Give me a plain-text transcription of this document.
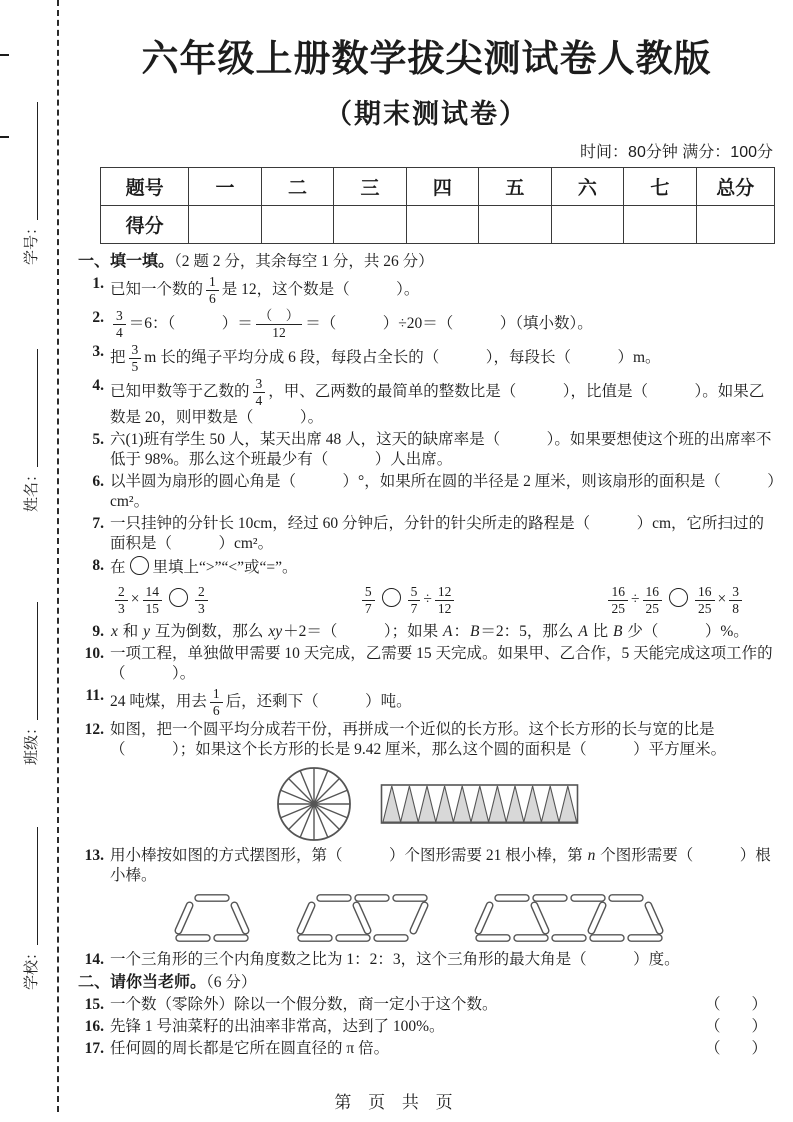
学号：
姓名：
班级：
学校：
六年级上册数学拔尖测试卷人教版
（期末测试卷）
时间：80分钟 满分：100分
题号	一	二	三	四	五	六	七	总分
得分								
一、填一填。（2 题 2 分，其余每空 1 分，共 26 分）
1. 已知一个数的 $\frac{1}{6}$ 是 12，这个数是（　　　）。
2. $\frac{3}{4} =6$：（　　　）＝ $\frac{( )}{12}$ ＝（　　　）÷20＝（　　　）（填小数）。
3. 把 $\frac{3}{5}$ m 长的绳子平均分成 6 段，每段占全长的（　　　），每段长（　　　）m。
4. 已知甲数等于乙数的 $\frac{3}{4}$ ，甲、乙两数的最简单的整数比是（　　　），比值是（　　　）。如果乙数是 20，则甲数是（　　　）。
5. 六(1)班有学生 50 人，某天出席 48 人，这天的缺席率是（　　　）。如果要想使这个班的出席率不低于 98%。那么这个班最少有（　　　）人出席。
6. 以半圆为扇形的圆心角是（　　　）°，如果所在圆的半径是 2 厘米，则该扇形的面积是（　　　）cm²。
7. 一只挂钟的分针长 10cm，经过 60 分钟后，分针的针尖所走的路程是（　　　）cm，它所扫过的面积是（　　　）cm²。
8. 在 里填上“>”“<”或“=”。
$\frac{2}{3} \times \frac{14}{15} \frac{2}{3}$	$\frac{5}{7} \frac{5}{7} \div \frac{12}{12}$	$\frac{16}{25} \div \frac{16}{25} \frac{16}{25} \times \frac{3}{8}$
9. x 和 y 互为倒数，那么 xy＋2＝（　　　）；如果 A：B＝2：5，那么 A 比 B 少（　　　）%。
10. 一项工程，单独做甲需要 10 天完成，乙需要 15 天完成。如果甲、乙合作，5 天能完成这项工作的（　　　）。
11. 24 吨煤，用去 $\frac{1}{6}$ 后，还剩下（　　　）吨。
12. 如图，把一个圆平均分成若干份，再拼成一个近似的长方形。这个长方形的长与宽的比是（　　　）；如果这个长方形的长是 9.42 厘米，那么这个圆的面积是（　　　）平方厘米。
13. 用小棒按如图的方式摆图形，第（　　　）个图形需要 21 根小棒，第 n 个图形需要（　　　）根小棒。
14. 一个三角形的三个内角度数之比为 1：2：3，这个三角形的最大角是（　　　）度。
二、请你当老师。（6 分）
15. 一个数（零除外）除以一个假分数，商一定小于这个数。	（　　）
16. 先锋 1 号油菜籽的出油率非常高，达到了 100%。	（　　）
17. 任何圆的周长都是它所在圆直径的 π 倍。	（　　）
第 页 共 页
